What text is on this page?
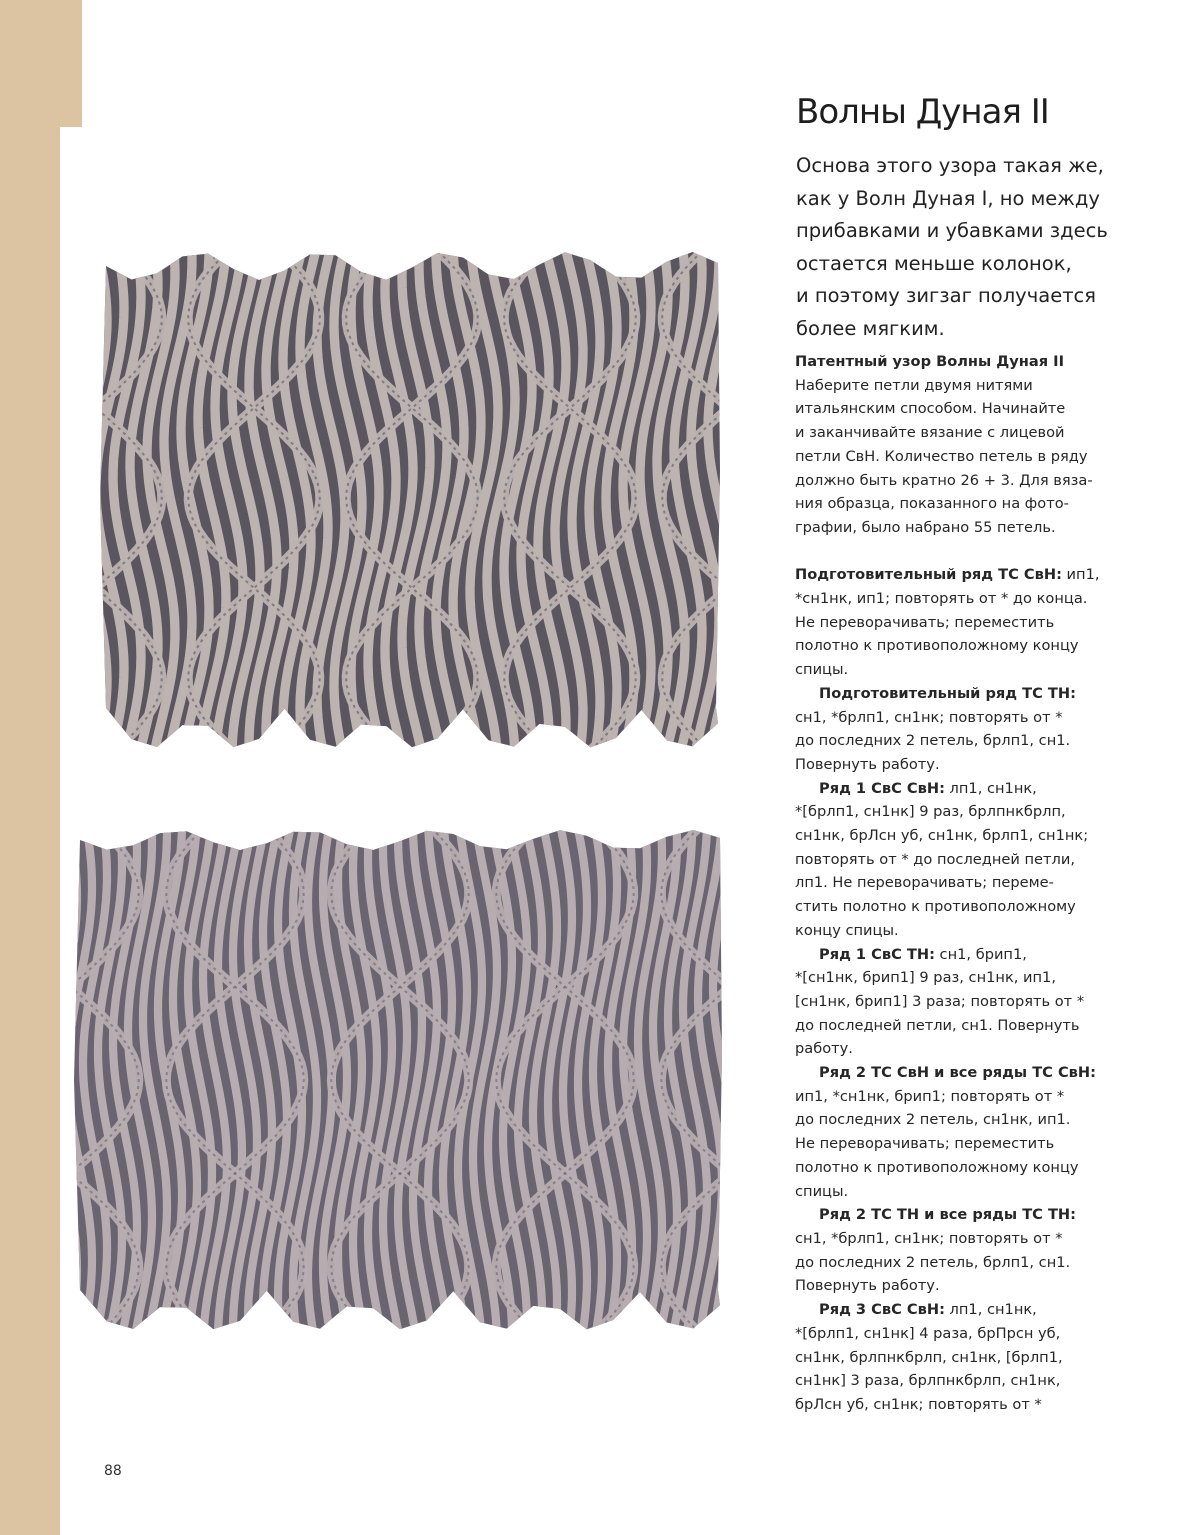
Волны Дуная II
Основа этого узора такая же,
как у Волн Дуная I, но между
прибавками и убавками здесь
остается меньше колонок,
и поэтому зигзаг получается
более мягким.
Патентный узор Волны Дуная II
Наберите петли двумя нитями
итальянским способом. Начинайте
и заканчивайте вязание с лицевой
петли СвН. Количество петель в ряду
должно быть кратно 26 + 3. Для вяза-
ния образца, показанного на фото-
графии, было набрано 55 петель.
Подготовительный ряд ТС СвН: ип1,
*сн1нк, ип1; повторять от * до конца.
Не переворачивать; переместить
полотно к противоположному концу
спицы.
Подготовительный ряд ТС ТН:
сн1, *брлп1, сн1нк; повторять от *
до последних 2 петель, брлп1, сн1.
Повернуть работу.
Ряд 1 СвС СвН: лп1, сн1нк,
*[брлп1, сн1нк] 9 раз, брлпнкбрлп,
сн1нк, брЛсн уб, сн1нк, брлп1, сн1нк;
повторять от * до последней петли,
лп1. Не переворачивать; переме-
стить полотно к противоположному
концу спицы.
Ряд 1 СвС ТН: сн1, брип1,
*[сн1нк, брип1] 9 раз, сн1нк, ип1,
[сн1нк, брип1] 3 раза; повторять от *
до последней петли, сн1. Повернуть
работу.
Ряд 2 ТС СвН и все ряды ТС СвН:
ип1, *сн1нк, брип1; повторять от *
до последних 2 петель, сн1нк, ип1.
Не переворачивать; переместить
полотно к противоположному концу
спицы.
Ряд 2 ТС ТН и все ряды ТС ТН:
сн1, *брлп1, сн1нк; повторять от *
до последних 2 петель, брлп1, сн1.
Повернуть работу.
Ряд 3 СвС СвН: лп1, сн1нк,
*[брлп1, сн1нк] 4 раза, брПрсн уб,
сн1нк, брлпнкбрлп, сн1нк, [брлп1,
сн1нк] 3 раза, брлпнкбрлп, сн1нк,
брЛсн уб, сн1нк; повторять от *
88
